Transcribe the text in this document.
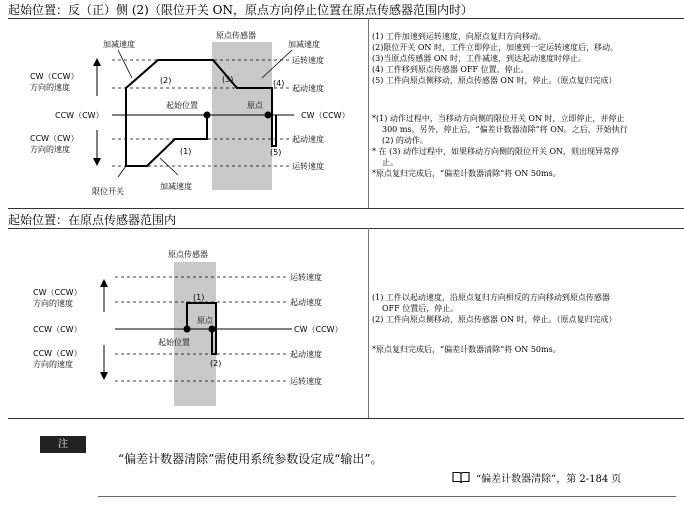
起始位置：反（正）侧 (2)（限位开关 ON，原点方向停止位置在原点传感器范围内时）
原点传感器
加减速度	加减速度
加减速度
运转速度
起动速度
起动速度
运转速度
CW（CCW）
方向的速度
CCW（CW）
方向的速度
CCW（CW）	CW（CCW）
起始位置	原点
限位开关
(1)
(2)	(3)	(4)
(5)

(1) 工件加速到运转速度，向原点复归方向移动。

(2)限位开关 ON 时，工件立即停止，加速到一定运转速度后，移动。

(3)当原点传感器 ON 时，工件减速，到达起动速度时停止。

(4) 工件移到原点传感器 OFF 位置，停止。

(5) 工件向原点侧移动，原点传感器 ON 时，停止。（原点复归完成）

*(1) 动作过程中，当移动方向侧的限位开关 ON 时，立即停止，并停止

300 ms。另外，停止后，“偏差计数器清除”将 ON。之后，开始执行

(2) 的动作。

* 在 (3) 动作过程中，如果移动方向侧的限位开关 ON，则出现异常停

止。

*原点复归完成后，“偏差计数器清除”将 ON 50ms。

起始位置：在原点传感器范围内
原点传感器
运转速度
起动速度
起动速度
运转速度
CW（CCW）
方向的速度
CCW（CW）
方向的速度
CCW（CW）	CW（CCW）
起始位置
原点
(1)
(2)

(1) 工件以起动速度，沿原点复归方向相反的方向移动到原点传感器

OFF 位置后，停止。

(2) 工件向原点侧移动，原点传感器 ON 时，停止。（原点复归完成）

*原点复归完成后，“偏差计数器清除”将 ON 50ms。

注
“偏差计数器清除”需使用系统参数设定成“输出”。
“偏差计数器清除”，第 2-184 页
